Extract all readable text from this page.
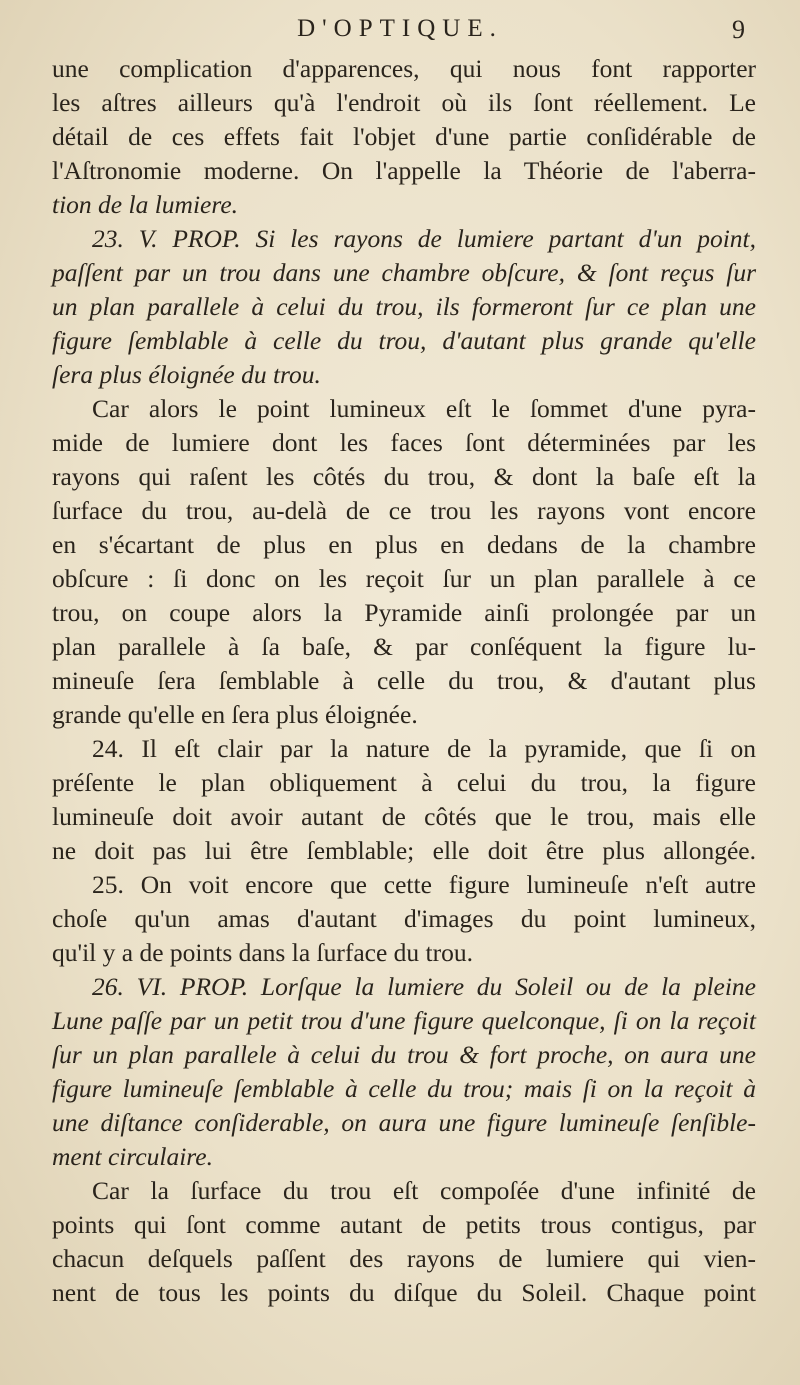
D'OPTIQUE.	9
une complication d'apparences, qui nous font rapporter
les aſtres ailleurs qu'à l'endroit où ils ſont réellement. Le
détail de ces effets fait l'objet d'une partie conſidérable de
l'Aſtronomie moderne. On l'appelle la Théorie de l'aberra-
tion de la lumiere.
23. V. PROP. Si les rayons de lumiere partant d'un point,
paſſent par un trou dans une chambre obſcure, & ſont reçus ſur
un plan parallele à celui du trou, ils formeront ſur ce plan une
figure ſemblable à celle du trou, d'autant plus grande qu'elle
ſera plus éloignée du trou.
Car alors le point lumineux eſt le ſommet d'une pyra-
mide de lumiere dont les faces ſont déterminées par les
rayons qui raſent les côtés du trou, & dont la baſe eſt la
ſurface du trou, au-delà de ce trou les rayons vont encore
en s'écartant de plus en plus en dedans de la chambre
obſcure : ſi donc on les reçoit ſur un plan parallele à ce
trou, on coupe alors la Pyramide ainſi prolongée par un
plan parallele à ſa baſe, & par conſéquent la figure lu-
mineuſe ſera ſemblable à celle du trou, & d'autant plus
grande qu'elle en ſera plus éloignée.
24. Il eſt clair par la nature de la pyramide, que ſi on
préſente le plan obliquement à celui du trou, la figure
lumineuſe doit avoir autant de côtés que le trou, mais elle
ne doit pas lui être ſemblable; elle doit être plus allongée.
25. On voit encore que cette figure lumineuſe n'eſt autre
choſe qu'un amas d'autant d'images du point lumineux,
qu'il y a de points dans la ſurface du trou.
26. VI. PROP. Lorſque la lumiere du Soleil ou de la pleine
Lune paſſe par un petit trou d'une figure quelconque, ſi on la reçoit
ſur un plan parallele à celui du trou & fort proche, on aura une
figure lumineuſe ſemblable à celle du trou; mais ſi on la reçoit à
une diſtance conſiderable, on aura une figure lumineuſe ſenſible-
ment circulaire.
Car la ſurface du trou eſt compoſée d'une infinité de
points qui ſont comme autant de petits trous contigus, par
chacun deſquels paſſent des rayons de lumiere qui vien-
nent de tous les points du diſque du Soleil. Chaque point
